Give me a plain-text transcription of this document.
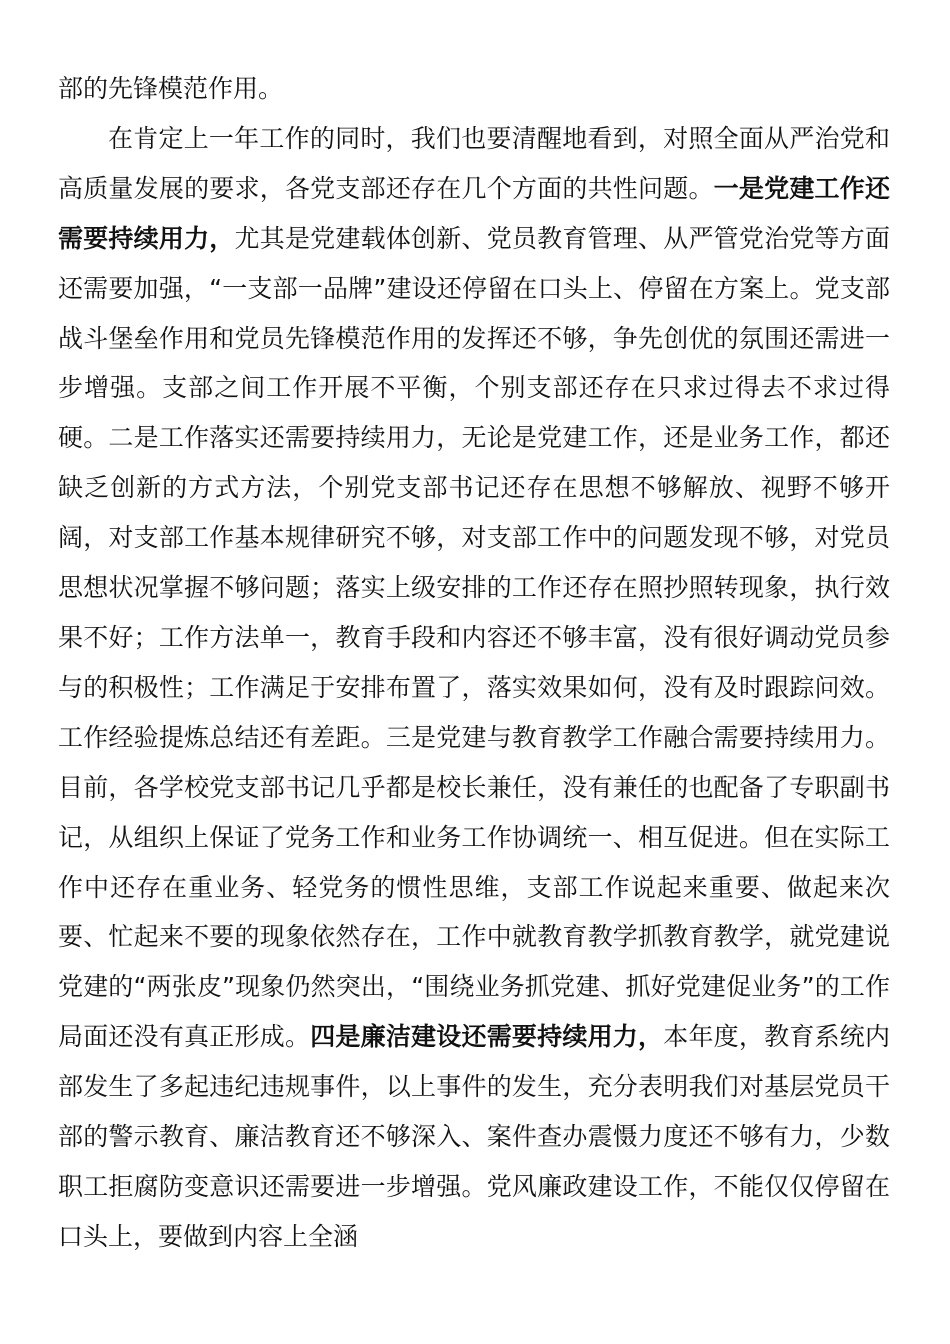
部的先锋模范作用。

在肯定上一年工作的同时，我们也要清醒地看到，对照全面从严治党和高质量发展的要求，各党支部还存在几个方面的共性问题。一是党建工作还需要持续用力，尤其是党建载体创新、党员教育管理、从严管党治党等方面还需要加强，“一支部一品牌”建设还停留在口头上、停留在方案上。党支部战斗堡垒作用和党员先锋模范作用的发挥还不够，争先创优的氛围还需进一步增强。支部之间工作开展不平衡，个别支部还存在只求过得去不求过得硬。二是工作落实还需要持续用力，无论是党建工作，还是业务工作，都还缺乏创新的方式方法，个别党支部书记还存在思想不够解放、视野不够开阔，对支部工作基本规律研究不够，对支部工作中的问题发现不够，对党员思想状况掌握不够问题；落实上级安排的工作还存在照抄照转现象，执行效果不好；工作方法单一，教育手段和内容还不够丰富，没有很好调动党员参与的积极性；工作满足于安排布置了，落实效果如何，没有及时跟踪问效。工作经验提炼总结还有差距。三是党建与教育教学工作融合需要持续用力。目前，各学校党支部书记几乎都是校长兼任，没有兼任的也配备了专职副书记，从组织上保证了党务工作和业务工作协调统一、相互促进。但在实际工作中还存在重业务、轻党务的惯性思维，支部工作说起来重要、做起来次要、忙起来不要的现象依然存在，工作中就教育教学抓教育教学，就党建说党建的“两张皮”现象仍然突出，“围绕业务抓党建、抓好党建促业务”的工作局面还没有真正形成。四是廉洁建设还需要持续用力，本年度，教育系统内部发生了多起违纪违规事件，以上事件的发生，充分表明我们对基层党员干部的警示教育、廉洁教育还不够深入、案件查办震慑力度还不够有力，少数职工拒腐防变意识还需要进一步增强。党风廉政建设工作，不能仅仅停留在口头上，要做到内容上全涵
